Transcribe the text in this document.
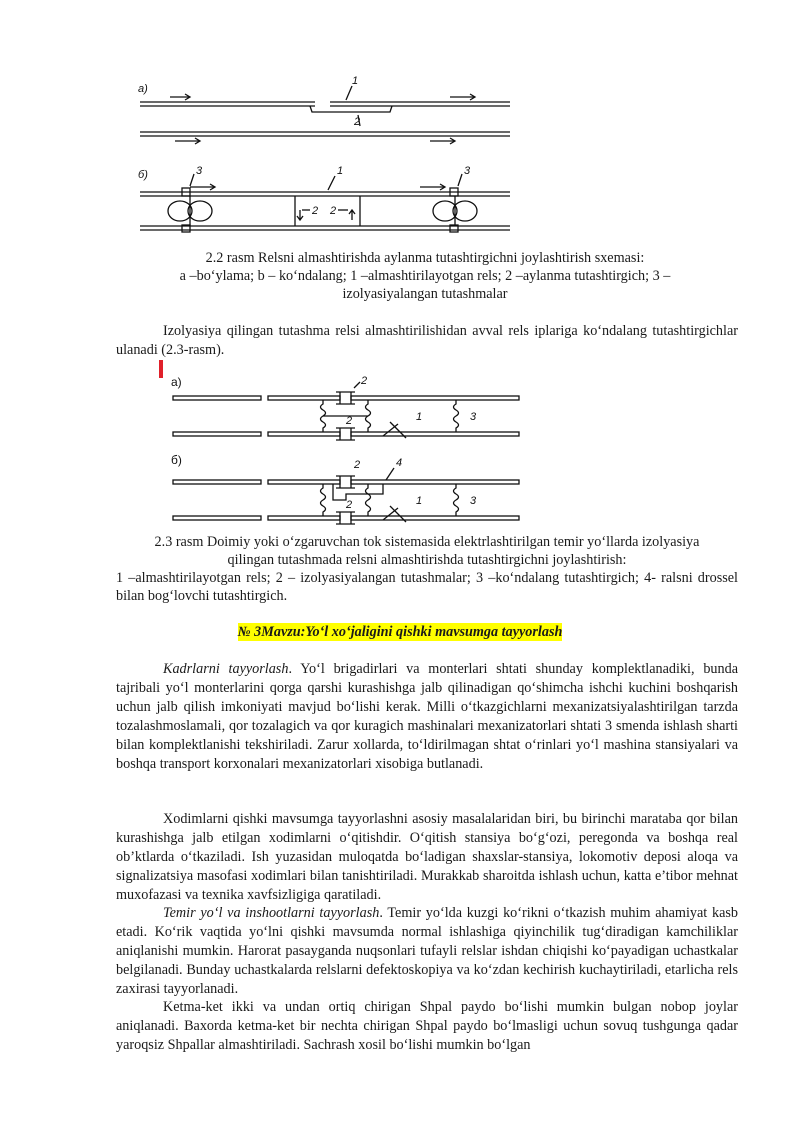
a)
1
2
б)	3	3
1
2 2
2.2 rasm Relsni almashtirishda aylanma tutashtirgichni joylashtirish sxemasi:
a –bo‘ylama; b – ko‘ndalang; 1 –almashtirilayotgan rels; 2 –aylanma tutashtirgich; 3 –
izolyasiyalangan tutashmalar
Izolyasiya qilingan tutashma relsi almashtirilishidan avval rels iplariga ko‘ndalang tutashtirgichlar ulanadi (2.3-rasm).
а)	2
2	1	3
б)	2	4
2	1	3
2.3 rasm Doimiy yoki o‘zgaruvchan tok sistemasida elektrlashtirilgan temir yo‘llarda izolyasiya
qilingan tutashmada relsni almashtirishda tutashtirgichni joylashtirish:
1 –almashtirilayotgan rels; 2 – izolyasiyalangan tutashmalar; 3 –ko‘ndalang tutashtirgich; 4- ralsni drossel bilan bog‘lovchi tutashtirgich.
№ 3Mavzu:Yo‘l xo‘jaligini qishki mavsumga tayyorlash
Kadrlarni tayyorlash. Yo‘l brigadirlari va monterlari shtati shunday komplektlanadiki, bunda tajribali yo‘l monterlarini qorga qarshi kurashishga jalb qilinadigan qo‘shimcha ishchi kuchini boshqarish uchun jalb qilish imkoniyati mavjud bo‘lishi kerak. Milli o‘tkazgichlarni mexanizatsiyalashtirilgan tarzda tozalashmoslamali, qor tozalagich va qor kuragich mashinalari mexanizatorlari shtati 3 smenda ishlash sharti bilan komplektlanishi tekshiriladi. Zarur xollarda, to‘ldirilmagan shtat o‘rinlari yo‘l mashina stansiyalari va boshqa transport korxonalari mexanizatorlari xisobiga butlanadi.
Xodimlarni qishki mavsumga tayyorlashni asosiy masalalaridan biri, bu birinchi marataba qor bilan kurashishga jalb etilgan xodimlarni o‘qitishdir. O‘qitish stansiya bo‘g‘ozi, peregonda va boshqa real ob’ktlarda o‘tkaziladi. Ish yuzasidan muloqatda bo‘ladigan shaxslar-stansiya, lokomotiv deposi aloqa va signalizatsiya masofasi xodimlari bilan tanishtiriladi. Murakkab sharoitda ishlash uchun, katta e’tibor mehnat muxofazasi va texnika xavfsizligiga qaratiladi.
Temir yo‘l va inshootlarni tayyorlash. Temir yo‘lda kuzgi ko‘rikni o‘tkazish muhim ahamiyat kasb etadi. Ko‘rik vaqtida yo‘lni qishki mavsumda normal ishlashiga qiyinchilik tug‘diradigan kamchiliklar aniqlanishi mumkin. Harorat pasayganda nuqsonlari tufayli relslar ishdan chiqishi ko‘payadigan uchastkalar belgilanadi. Bunday uchastkalarda relslarni defektoskopiya va ko‘zdan kechirish kuchaytiriladi, etarlicha rels zaxirasi tayyorlanadi.
Ketma-ket ikki va undan ortiq chirigan Shpal paydo bo‘lishi mumkin bulgan nobop joylar aniqlanadi. Baxorda ketma-ket bir nechta chirigan Shpal paydo bo‘lmasligi uchun sovuq tushgunga qadar yaroqsiz Shpallar almashtiriladi. Sachrash xosil bo‘lishi mumkin bo‘lgan
